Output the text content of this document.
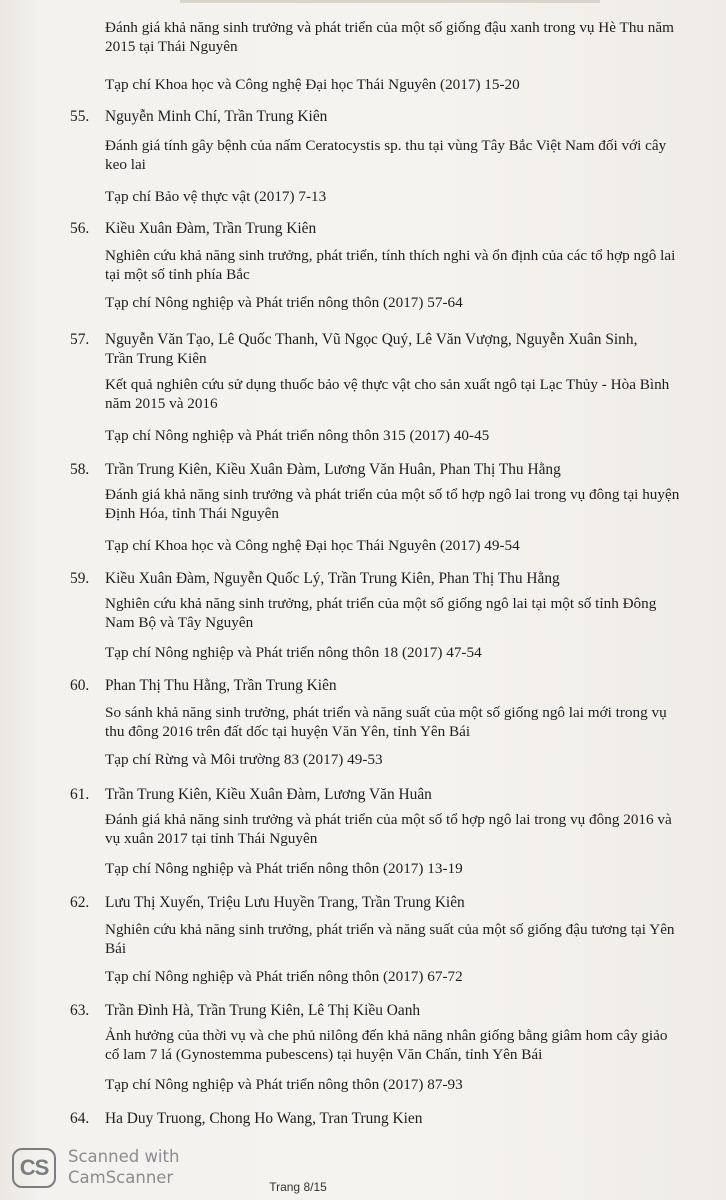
Đánh giá khả năng sinh trưởng và phát triển của một số giống đậu xanh trong vụ Hè Thu năm 2015 tại Thái Nguyên
Tạp chí Khoa học và Công nghệ Đại học Thái Nguyên (2017) 15-20
55. Nguyễn Minh Chí, Trần Trung Kiên
Đánh giá tính gây bệnh của nấm Ceratocystis sp. thu tại vùng Tây Bắc Việt Nam đối với cây keo lai
Tạp chí Bảo vệ thực vật (2017) 7-13
56. Kiều Xuân Đàm, Trần Trung Kiên
Nghiên cứu khả năng sinh trưởng, phát triển, tính thích nghi và ổn định của các tổ hợp ngô lai tại một số tỉnh phía Bắc
Tạp chí Nông nghiệp và Phát triển nông thôn (2017) 57-64
57. Nguyễn Văn Tạo, Lê Quốc Thanh, Vũ Ngọc Quý, Lê Văn Vượng, Nguyễn Xuân Sinh,
Trần Trung Kiên
Kết quả nghiên cứu sử dụng thuốc bảo vệ thực vật cho sản xuất ngô tại Lạc Thủy - Hòa Bình năm 2015 và 2016
Tạp chí Nông nghiệp và Phát triển nông thôn 315 (2017) 40-45
58. Trần Trung Kiên, Kiều Xuân Đàm, Lương Văn Huân, Phan Thị Thu Hằng
Đánh giá khả năng sinh trưởng và phát triển của một số tổ hợp ngô lai trong vụ đông tại huyện Định Hóa, tỉnh Thái Nguyên
Tạp chí Khoa học và Công nghệ Đại học Thái Nguyên (2017) 49-54
59. Kiều Xuân Đàm, Nguyễn Quốc Lý, Trần Trung Kiên, Phan Thị Thu Hằng
Nghiên cứu khả năng sinh trưởng, phát triển của một số giống ngô lai tại một số tỉnh Đông Nam Bộ và Tây Nguyên
Tạp chí Nông nghiệp và Phát triển nông thôn 18 (2017) 47-54
60. Phan Thị Thu Hằng, Trần Trung Kiên
So sánh khả năng sinh trưởng, phát triển và năng suất của một số giống ngô lai mới trong vụ thu đông 2016 trên đất dốc tại huyện Văn Yên, tỉnh Yên Bái
Tạp chí Rừng và Môi trường 83 (2017) 49-53
61. Trần Trung Kiên, Kiều Xuân Đàm, Lương Văn Huân
Đánh giá khả năng sinh trưởng và phát triển của một số tổ hợp ngô lai trong vụ đông 2016 và vụ xuân 2017 tại tỉnh Thái Nguyên
Tạp chí Nông nghiệp và Phát triển nông thôn (2017) 13-19
62. Lưu Thị Xuyến, Triệu Lưu Huyền Trang, Trần Trung Kiên
Nghiên cứu khả năng sinh trưởng, phát triển và năng suất của một số giống đậu tương tại Yên Bái
Tạp chí Nông nghiệp và Phát triển nông thôn (2017) 67-72
63. Trần Đình Hà, Trần Trung Kiên, Lê Thị Kiều Oanh
Ảnh hưởng của thời vụ và che phủ nilông đến khả năng nhân giống bằng giâm hom cây giảo cổ lam 7 lá (Gynostemma pubescens) tại huyện Văn Chấn, tỉnh Yên Bái
Tạp chí Nông nghiệp và Phát triển nông thôn (2017) 87-93
64. Ha Duy Truong, Chong Ho Wang, Tran Trung Kien
CS	Scanned with
CamScanner	Trang 8/15
